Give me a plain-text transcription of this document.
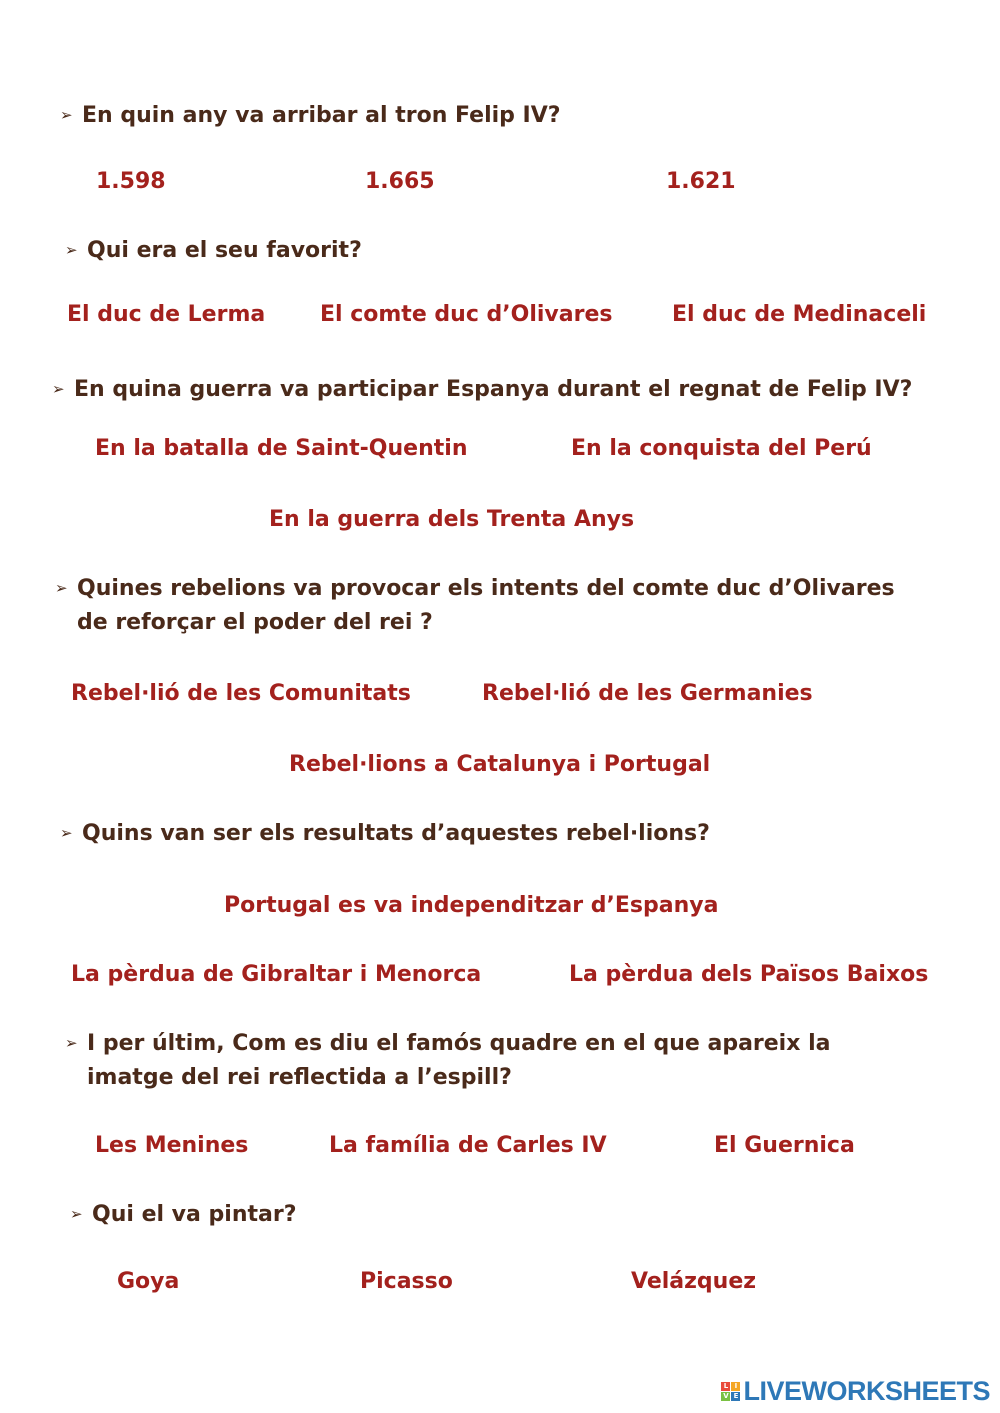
➢ En quin any va arribar al tron Felip IV?
1.598	1.665	1.621
➢ Qui era el seu favorit?
El duc de Lerma El comte duc d’Olivares	El duc de Medinaceli
➢ En quina guerra va participar Espanya durant el regnat de Felip IV?
En la batalla de Saint-Quentin	En la conquista del Perú
En la guerra dels Trenta Anys
➢ Quines rebelions va provocar els intents del comte duc d’Olivares
de reforçar el poder del rei ?
Rebel·lió de les Comunitats	Rebel·lió de les Germanies
Rebel·lions a Catalunya i Portugal
➢ Quins van ser els resultats d’aquestes rebel·lions?
Portugal es va independitzar d’Espanya
La pèrdua de Gibraltar i Menorca	La pèrdua dels Països Baixos
➢ I per últim, Com es diu el famós quadre en el que apareix la
imatge del rei reflectida a l’espill?
Les Menines	La família de Carles IV	El Guernica
➢ Qui el va pintar?
Goya	Picasso	Velázquez
L I
V E LIVEWORKSHEETS
